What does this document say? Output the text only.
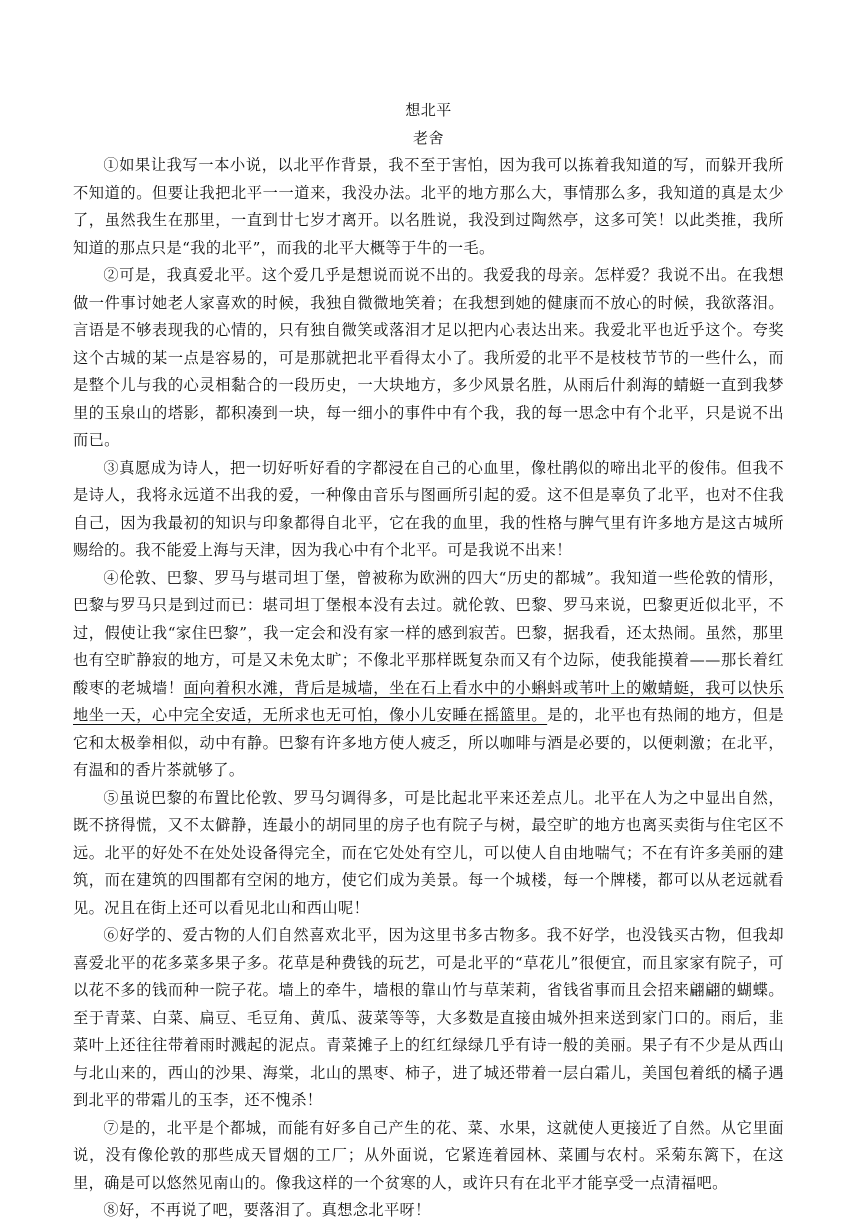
想北平

老舍

①如果让我写一本小说，以北平作背景，我不至于害怕，因为我可以拣着我知道的写，而躲开我所不知道的。但要让我把北平一一道来，我没办法。北平的地方那么大，事情那么多，我知道的真是太少了，虽然我生在那里，一直到廿七岁才离开。以名胜说，我没到过陶然亭，这多可笑！以此类推，我所知道的那点只是“我的北平”，而我的北平大概等于牛的一毛。

②可是，我真爱北平。这个爱几乎是想说而说不出的。我爱我的母亲。怎样爱？我说不出。在我想做一件事讨她老人家喜欢的时候，我独自微微地笑着；在我想到她的健康而不放心的时候，我欲落泪。言语是不够表现我的心情的，只有独自微笑或落泪才足以把内心表达出来。我爱北平也近乎这个。夸奖这个古城的某一点是容易的，可是那就把北平看得太小了。我所爱的北平不是枝枝节节的一些什么，而是整个儿与我的心灵相黏合的一段历史，一大块地方，多少风景名胜，从雨后什刹海的蜻蜓一直到我梦里的玉泉山的塔影，都积凑到一块，每一细小的事件中有个我，我的每一思念中有个北平，只是说不出而已。

③真愿成为诗人，把一切好听好看的字都浸在自己的心血里，像杜鹃似的啼出北平的俊伟。但我不是诗人，我将永远道不出我的爱，一种像由音乐与图画所引起的爱。这不但是辜负了北平，也对不住我自己，因为我最初的知识与印象都得自北平，它在我的血里，我的性格与脾气里有许多地方是这古城所赐给的。我不能爱上海与天津，因为我心中有个北平。可是我说不出来！

④伦敦、巴黎、罗马与堪司坦丁堡，曾被称为欧洲的四大“历史的都城”。我知道一些伦敦的情形，巴黎与罗马只是到过而已：堪司坦丁堡根本没有去过。就伦敦、巴黎、罗马来说，巴黎更近似北平，不过，假使让我“家住巴黎”，我一定会和没有家一样的感到寂苦。巴黎，据我看，还太热闹。虽然，那里也有空旷静寂的地方，可是又未免太旷；不像北平那样既复杂而又有个边际，使我能摸着——那长着红酸枣的老城墙！面向着积水滩，背后是城墙，坐在石上看水中的小蝌蚪或苇叶上的嫩蜻蜓，我可以快乐地坐一天，心中完全安适，无所求也无可怕，像小儿安睡在摇篮里。是的，北平也有热闹的地方，但是它和太极拳相似，动中有静。巴黎有许多地方使人疲乏，所以咖啡与酒是必要的，以便刺激；在北平，有温和的香片茶就够了。

⑤虽说巴黎的布置比伦敦、罗马匀调得多，可是比起北平来还差点儿。北平在人为之中显出自然，既不挤得慌，又不太僻静，连最小的胡同里的房子也有院子与树，最空旷的地方也离买卖街与住宅区不远。北平的好处不在处处设备得完全，而在它处处有空儿，可以使人自由地喘气；不在有许多美丽的建筑，而在建筑的四围都有空闲的地方，使它们成为美景。每一个城楼，每一个牌楼，都可以从老远就看见。况且在街上还可以看见北山和西山呢！

⑥好学的、爱古物的人们自然喜欢北平，因为这里书多古物多。我不好学，也没钱买古物，但我却喜爱北平的花多菜多果子多。花草是种费钱的玩艺，可是北平的“草花儿”很便宜，而且家家有院子，可以花不多的钱而种一院子花。墙上的牵牛，墙根的靠山竹与草茉莉，省钱省事而且会招来翩翩的蝴蝶。至于青菜、白菜、扁豆、毛豆角、黄瓜、菠菜等等，大多数是直接由城外担来送到家门口的。雨后，韭菜叶上还往往带着雨时溅起的泥点。青菜摊子上的红红绿绿几乎有诗一般的美丽。果子有不少是从西山与北山来的，西山的沙果、海棠，北山的黑枣、柿子，进了城还带着一层白霜儿，美国包着纸的橘子遇到北平的带霜儿的玉李，还不愧杀！

⑦是的，北平是个都城，而能有好多自己产生的花、菜、水果，这就使人更接近了自然。从它里面说，没有像伦敦的那些成天冒烟的工厂；从外面说，它紧连着园林、菜圃与农村。采菊东篱下，在这里，确是可以悠然见南山的。像我这样的一个贫寒的人，或许只有在北平才能享受一点清福吧。

⑧好，不再说了吧，要落泪了。真想念北平呀！
